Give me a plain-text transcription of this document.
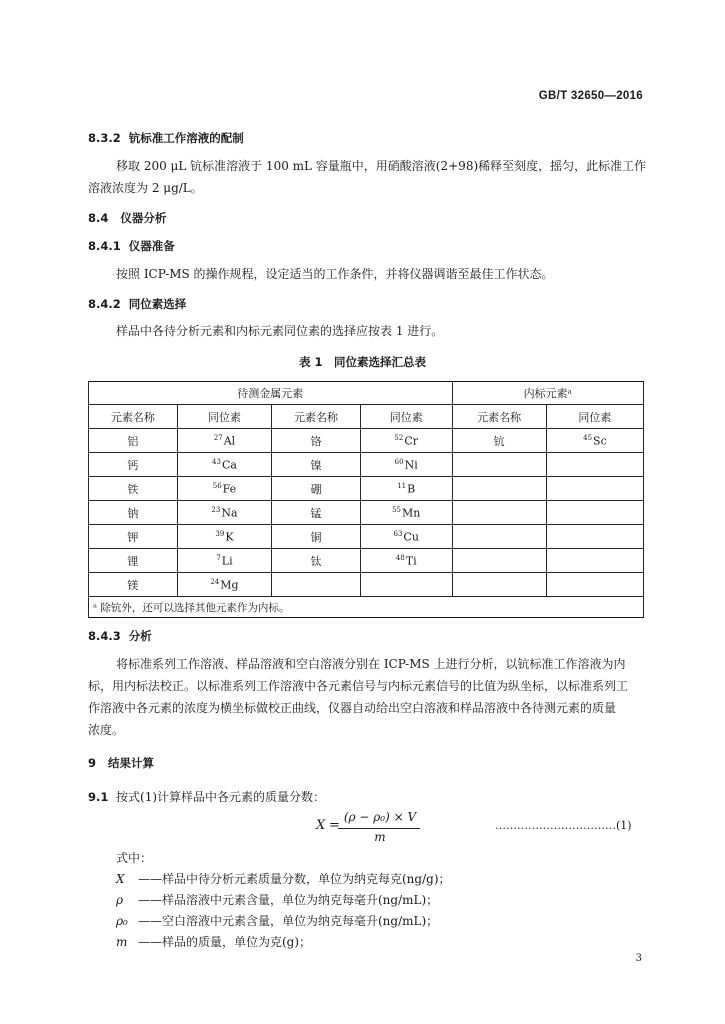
GB/T 32650—2016
8.3.2 钪标准工作溶液的配制
移取 200 μL 钪标准溶液于 100 mL 容量瓶中，用硝酸溶液(2+98)稀释至刻度，摇匀，此标准工作
溶液浓度为 2 μg/L。
8.4 仪器分析
8.4.1 仪器准备
按照 ICP-MS 的操作规程，设定适当的工作条件，并将仪器调谐至最佳工作状态。
8.4.2 同位素选择
样品中各待分析元素和内标元素同位素的选择应按表 1 进行。
表 1　同位素选择汇总表
待测金属元素				内标元素ᵃ	
元素名称	同位素	元素名称	同位素	元素名称	同位素
铝	$^{27}$Al	铬	$^{52}$Cr	钪	$^{45}$Sc
钙	$^{43}$Ca	镍	$^{60}$Ni		
铁	$^{56}$Fe	硼	$^{11}$B		
钠	$^{23}$Na	锰	$^{55}$Mn		
钾	$^{39}$K	铜	$^{63}$Cu		
锂	$^7$Li	钛	$^{48}$Ti		
镁	$^{24}$Mg				
ᵃ 除钪外，还可以选择其他元素作为内标。					
8.4.3 分析
将标准系列工作溶液、样品溶液和空白溶液分别在 ICP-MS 上进行分析，以钪标准工作溶液为内
标，用内标法校正。以标准系列工作溶液中各元素信号与内标元素信号的比值为纵坐标，以标准系列工
作溶液中各元素的浓度为横坐标做校正曲线，仪器自动给出空白溶液和样品溶液中各待测元素的质量
浓度。
9 结果计算
9.1 按式(1)计算样品中各元素的质量分数：
X =
(ρ − ρ₀) × V
m
……………………………(1)
式中：
X ——样品中待分析元素质量分数，单位为纳克每克(ng/g)；
ρ ——样品溶液中元素含量，单位为纳克每毫升(ng/mL)；
ρ₀ ——空白溶液中元素含量，单位为纳克每毫升(ng/mL)；
m ——样品的质量，单位为克(g)；
3
